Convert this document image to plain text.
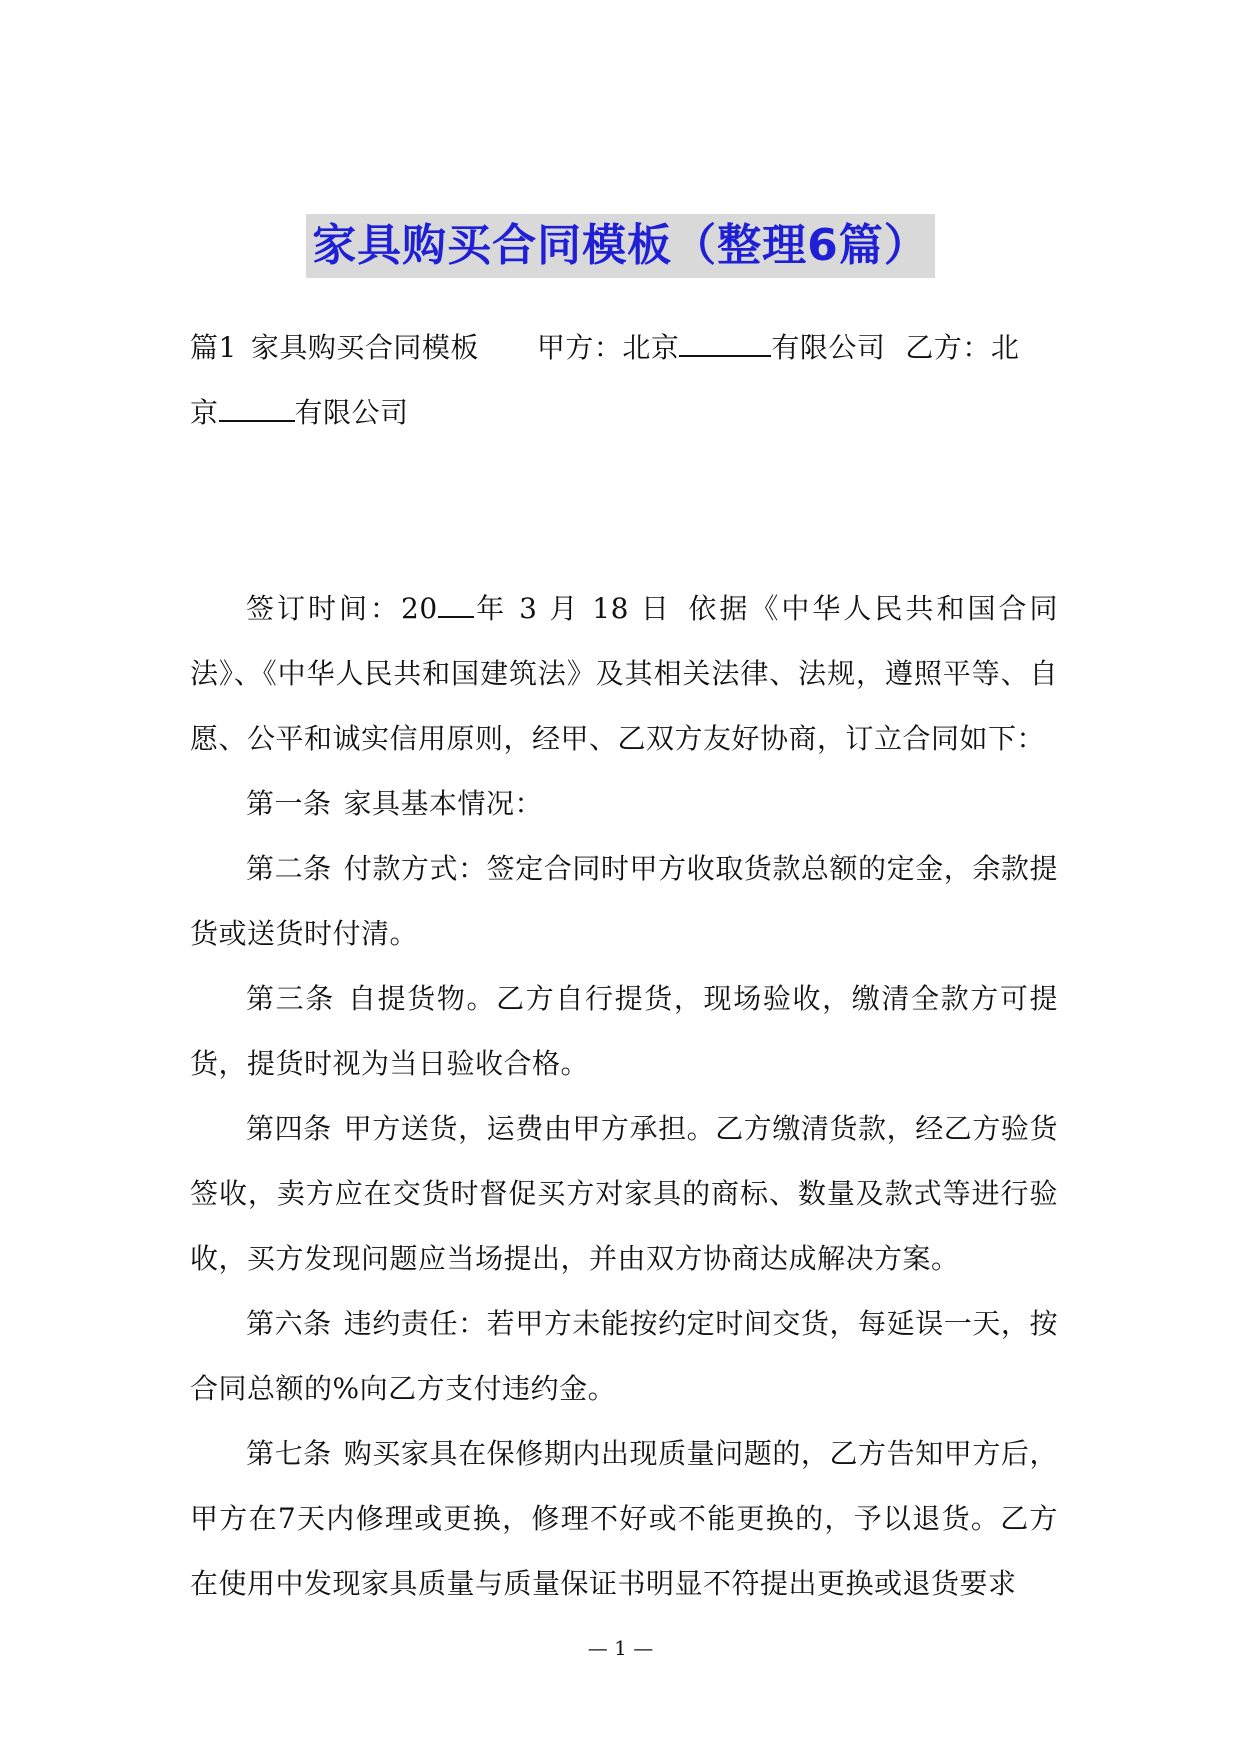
家具购买合同模板（整理6篇）

篇1 家具购买合同模板 甲方：北京	有限公司 乙方：北
京	有限公司

签订时间：20 年 3 月 18 日 依据《中华人民共和国合同法》、《中华人民共和国建筑法》及其相关法律、法规，遵照平等、自愿、公平和诚实信用原则，经甲、乙双方友好协商，订立合同如下：

第一条 家具基本情况：

第二条 付款方式：签定合同时甲方收取货款总额的定金，余款提货或送货时付清。

第三条 自提货物。乙方自行提货，现场验收，缴清全款方可提货，提货时视为当日验收合格。

第四条 甲方送货，运费由甲方承担。乙方缴清货款，经乙方验货签收，卖方应在交货时督促买方对家具的商标、数量及款式等进行验收，买方发现问题应当场提出，并由双方协商达成解决方案。

第六条 违约责任：若甲方未能按约定时间交货，每延误一天，按合同总额的%向乙方支付违约金。

第七条 购买家具在保修期内出现质量问题的，乙方告知甲方后，甲方在7天内修理或更换，修理不好或不能更换的，予以退货。乙方在使用中发现家具质量与质量保证书明显不符提出更换或退货要求

— 1 —
